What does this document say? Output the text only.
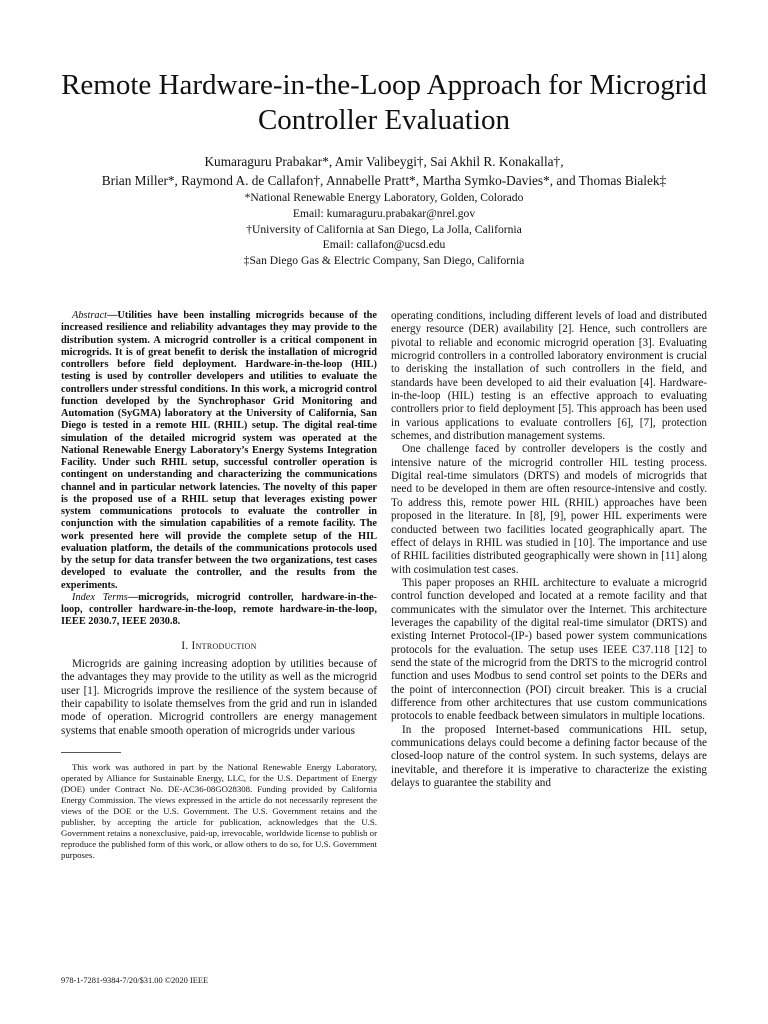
Remote Hardware-in-the-Loop Approach for Microgrid Controller Evaluation
Kumaraguru Prabakar*, Amir Valibeygi†, Sai Akhil R. Konakalla†,
Brian Miller*, Raymond A. de Callafon†, Annabelle Pratt*, Martha Symko-Davies*, and Thomas Bialek‡
*National Renewable Energy Laboratory, Golden, Colorado
Email: kumaraguru.prabakar@nrel.gov
†University of California at San Diego, La Jolla, California
Email: callafon@ucsd.edu
‡San Diego Gas & Electric Company, San Diego, California

Abstract—Utilities have been installing microgrids because of the increased resilience and reliability advantages they may provide to the distribution system. A microgrid controller is a critical component in microgrids. It is of great benefit to derisk the installation of microgrid controllers before field deployment. Hardware-in-the-loop (HIL) testing is used by controller developers and utilities to evaluate the controllers under stressful conditions. In this work, a microgrid control function developed by the Synchrophasor Grid Monitoring and Automation (SyGMA) laboratory at the University of California, San Diego is tested in a remote HIL (RHIL) setup. The digital real-time simulation of the detailed microgrid system was operated at the National Renewable Energy Laboratory’s Energy Systems Integration Facility. Under such RHIL setup, successful controller operation is contingent on understanding and characterizing the communications channel and in particular network latencies. The novelty of this paper is the proposed use of a RHIL setup that leverages existing power system communications protocols to evaluate the controller in conjunction with the simulation capabilities of a remote facility. The work presented here will provide the complete setup of the HIL evaluation platform, the details of the communications protocols used by the setup for data transfer between the two organizations, test cases developed to evaluate the controller, and the results from the experiments.

Index Terms—microgrids, microgrid controller, hardware-in-the-loop, controller hardware-in-the-loop, remote hardware-in-the-loop, IEEE 2030.7, IEEE 2030.8.

I. Introduction

Microgrids are gaining increasing adoption by utilities because of the advantages they may provide to the utility as well as the microgrid user [1]. Microgrids improve the resilience of the system because of their capability to isolate themselves from the grid and run in islanded mode of operation. Microgrid controllers are energy management systems that enable smooth operation of microgrids under various

This work was authored in part by the National Renewable Energy Laboratory, operated by Alliance for Sustainable Energy, LLC, for the U.S. Department of Energy (DOE) under Contract No. DE-AC36-08GO28308. Funding provided by California Energy Commission. The views expressed in the article do not necessarily represent the views of the DOE or the U.S. Government. The U.S. Government retains and the publisher, by accepting the article for publication, acknowledges that the U.S. Government retains a nonexclusive, paid-up, irrevocable, worldwide license to publish or reproduce the published form of this work, or allow others to do so, for U.S. Government purposes.

operating conditions, including different levels of load and distributed energy resource (DER) availability [2]. Hence, such controllers are pivotal to reliable and economic microgrid operation [3]. Evaluating microgrid controllers in a controlled laboratory environment is crucial to derisking the installation of such controllers in the field, and standards have been developed to aid their evaluation [4]. Hardware-in-the-loop (HIL) testing is an effective approach to evaluating controllers prior to field deployment [5]. This approach has been used in various applications to evaluate controllers [6], [7], protection schemes, and distribution management systems.

One challenge faced by controller developers is the costly and intensive nature of the microgrid controller HIL testing process. Digital real-time simulators (DRTS) and models of microgrids that need to be developed in them are often resource-intensive and costly. To address this, remote power HIL (RHIL) approaches have been proposed in the literature. In [8], [9], power HIL experiments were conducted between two facilities located geographically apart. The effect of delays in RHIL was studied in [10]. The importance and use of RHIL facilities distributed geographically were shown in [11] along with cosimulation test cases.

This paper proposes an RHIL architecture to evaluate a microgrid control function developed and located at a remote facility and that communicates with the simulator over the Internet. This architecture leverages the capability of the digital real-time simulator (DRTS) and existing Internet Protocol-(IP-) based power system communications protocols for the evaluation. The setup uses IEEE C37.118 [12] to send the state of the microgrid from the DRTS to the microgrid control function and uses Modbus to send control set points to the DERs and the point of interconnection (POI) circuit breaker. This is a crucial difference from other architectures that use custom communications protocols to enable feedback between simulators in multiple locations.

In the proposed Internet-based communications HIL setup, communications delays could become a defining factor because of the closed-loop nature of the control system. In such systems, delays are inevitable, and therefore it is imperative to characterize the existing delays to guarantee the stability and

978-1-7281-9384-7/20/$31.00 ©2020 IEEE
